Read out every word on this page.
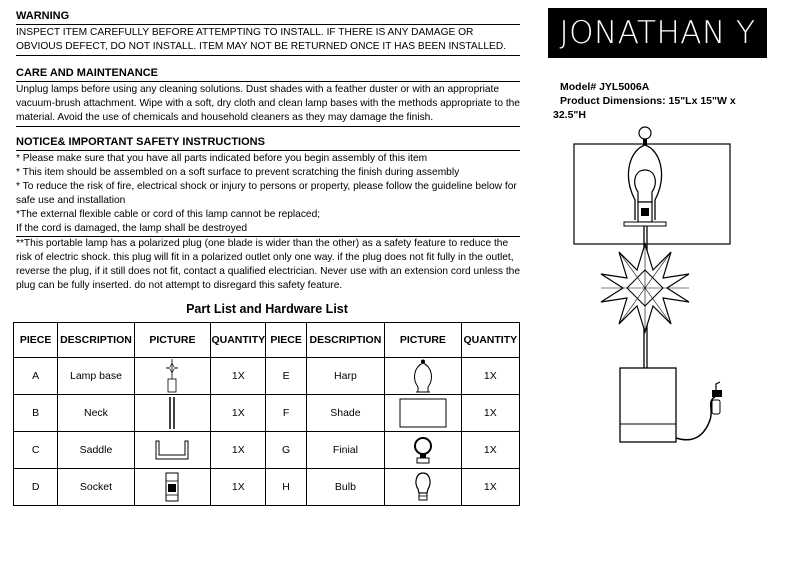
WARNING

INSPECT ITEM CAREFULLY BEFORE ATTEMPTING TO INSTALL. IF THERE IS ANY DAMAGE OR OBVIOUS DEFECT, DO NOT INSTALL. ITEM MAY NOT BE RETURNED ONCE IT HAS BEEN INSTALLED.

CARE AND MAINTENANCE

Unplug lamps before using any cleaning solutions. Dust shades with a feather duster or with an appropriate vacuum-brush attachment. Wipe with a soft, dry cloth and clean lamp bases with the methods appropriate to the material. Avoid the use of chemicals and household cleaners as they may damage the finish.

NOTICE& IMPORTANT SAFETY INSTRUCTIONS

* Please make sure that you have all parts indicated before you begin assembly of this item

* This item should be assembled on a soft surface to prevent scratching the finish during assembly

* To reduce the risk of fire, electrical shock or injury to persons or property, please follow the guideline below for safe use and installation

*The external flexible cable or cord of this lamp cannot be replaced;

If the cord is damaged, the lamp shall be destroyed

**This portable lamp has a polarized plug (one blade is wider than the other) as a safety feature to reduce the risk of electric shock. this plug will fit in a polarized outlet only one way. if the plug does not fit fully in the outlet, reverse the plug, if it still does not fit, contact a qualified electrician. Never use with an extension cord unless the plug can be fully inserted. do not attempt to disregard this safety feature.

JONATHAN Y
Model# JYL5006A
Product Dimensions: 15"Lx 15"W x
32.5"H
Part List and Hardware List
PIECE	DESCRIPTION	PICTURE	QUANTITY	PIECE	DESCRIPTION	PICTURE	QUANTITY
A	Lamp base		1X	E	Harp		1X
B	Neck		1X	F	Shade		1X
C	Saddle		1X	G	Finial		1X
D	Socket		1X	H	Bulb		1X
